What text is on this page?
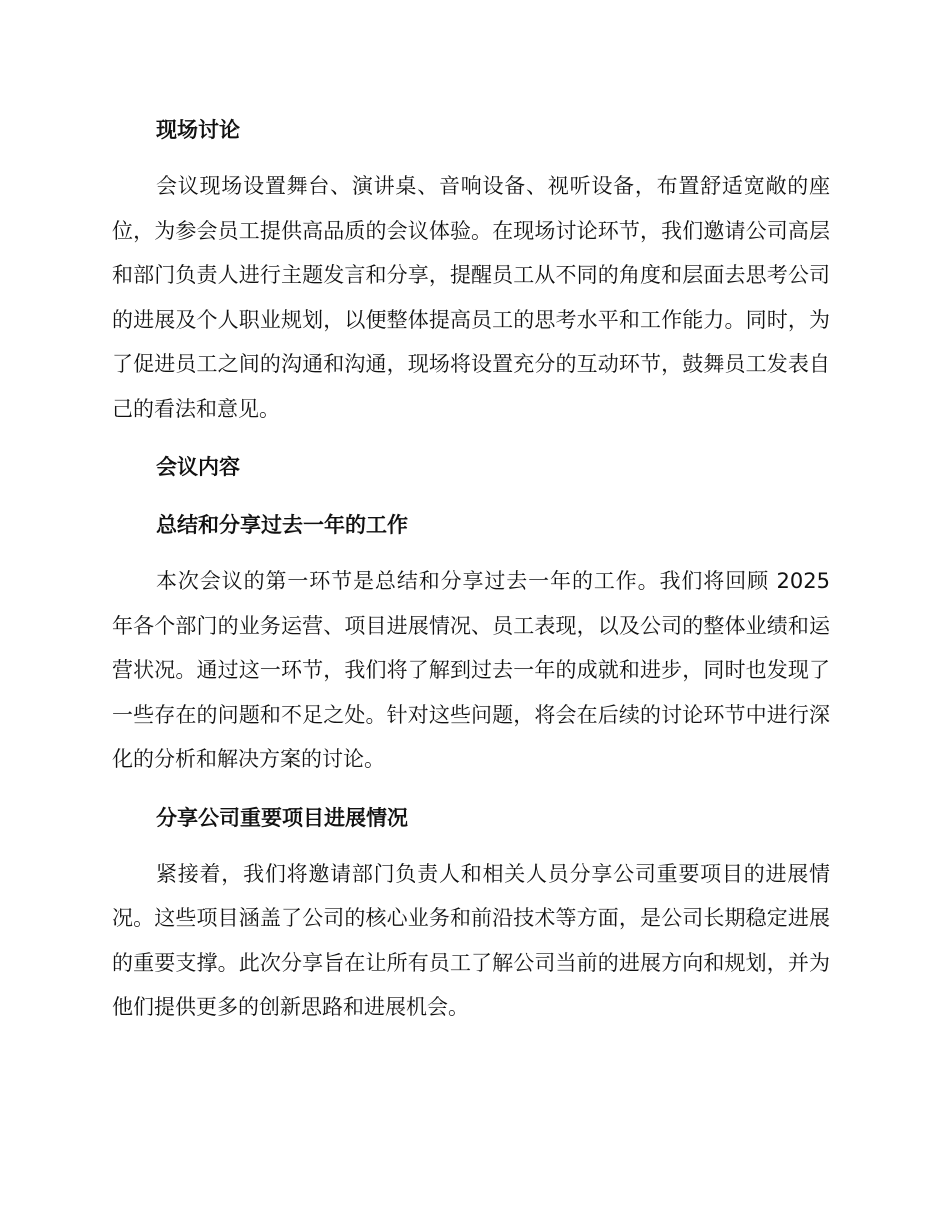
现场讨论

会议现场设置舞台、演讲桌、音响设备、视听设备，布置舒适宽敞的座位，为参会员工提供高品质的会议体验。在现场讨论环节，我们邀请公司高层和部门负责人进行主题发言和分享，提醒员工从不同的角度和层面去思考公司的进展及个人职业规划，以便整体提高员工的思考水平和工作能力。同时，为了促进员工之间的沟通和沟通，现场将设置充分的互动环节，鼓舞员工发表自己的看法和意见。

会议内容
总结和分享过去一年的工作

本次会议的第一环节是总结和分享过去一年的工作。我们将回顾 2025 年各个部门的业务运营、项目进展情况、员工表现，以及公司的整体业绩和运营状况。通过这一环节，我们将了解到过去一年的成就和进步，同时也发现了一些存在的问题和不足之处。针对这些问题，将会在后续的讨论环节中进行深化的分析和解决方案的讨论。

分享公司重要项目进展情况

紧接着，我们将邀请部门负责人和相关人员分享公司重要项目的进展情况。这些项目涵盖了公司的核心业务和前沿技术等方面，是公司长期稳定进展的重要支撑。此次分享旨在让所有员工了解公司当前的进展方向和规划，并为他们提供更多的创新思路和进展机会。
